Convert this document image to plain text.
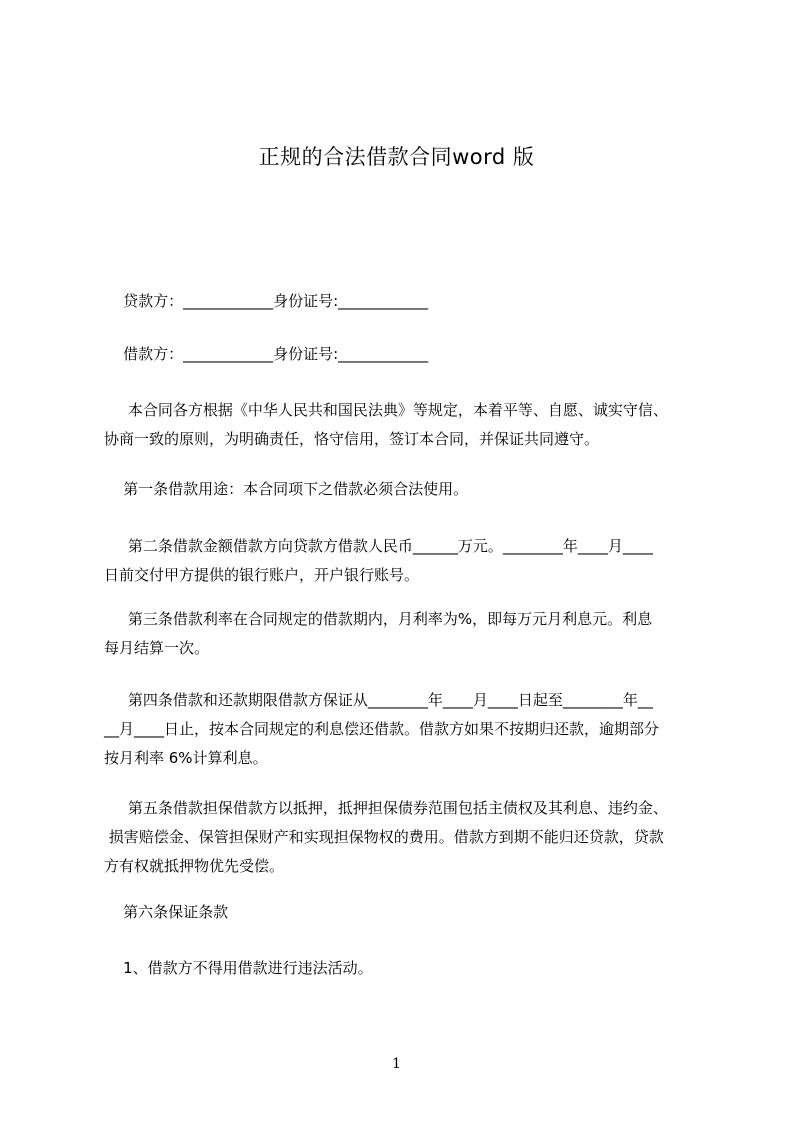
正规的合法借款合同word 版
贷款方：____________身份证号:____________
借款方：____________身份证号:____________
本合同各方根据《中华人民共和国民法典》等规定，本着平等、自愿、诚实守信、
协商一致的原则，为明确责任，恪守信用，签订本合同，并保证共同遵守。
第一条借款用途：本合同项下之借款必须合法使用。
第二条借款金额借款方向贷款方借款人民币______万元。________年____月____
日前交付甲方提供的银行账户，开户银行账号。
第三条借款利率在合同规定的借款期内，月利率为%，即每万元月利息元。利息
每月结算一次。
第四条借款和还款期限借款方保证从________年____月____日起至________年__
__月____日止，按本合同规定的利息偿还借款。借款方如果不按期归还款，逾期部分
按月利率 6%计算利息。
第五条借款担保借款方以抵押，抵押担保债券范围包括主债权及其利息、违约金、
损害赔偿金、保管担保财产和实现担保物权的费用。借款方到期不能归还贷款，贷款
方有权就抵押物优先受偿。
第六条保证条款
1、借款方不得用借款进行违法活动。
1
